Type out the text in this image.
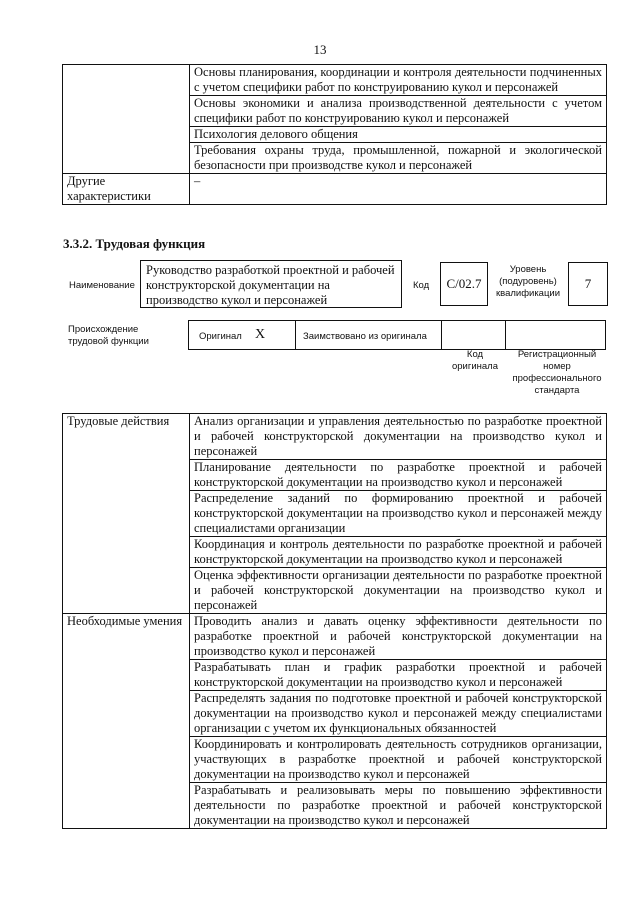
13
	Основы планирования, координации и контроля деятельности подчиненных с учетом специфики работ по конструированию кукол и персонажей
	Основы экономики и анализа производственной деятельности с учетом специфики работ по конструированию кукол и персонажей
	Психология делового общения
	Требования охраны труда, промышленной, пожарной и экологической безопасности при производстве кукол и персонажей
Другие характеристики	–
3.3.2. Трудовая функция
Наименование
Руководство разработкой проектной и рабочей конструкторской документации на производство кукол и персонажей
Код C/02.7
Уровень (подуровень) квалификации
7
Происхождение трудовой функции	Оригинал X	Заимствовано из оригинала
Код оригинала
Регистрационный номер профессионального стандарта
Трудовые действия	Анализ организации и управления деятельностью по разработке проектной и рабочей конструкторской документации на производство кукол и персонажей
	Планирование деятельности по разработке проектной и рабочей конструкторской документации на производство кукол и персонажей
	Распределение заданий по формированию проектной и рабочей конструкторской документации на производство кукол и персонажей между специалистами организации
	Координация и контроль деятельности по разработке проектной и рабочей конструкторской документации на производство кукол и персонажей
	Оценка эффективности организации деятельности по разработке проектной и рабочей конструкторской документации на производство кукол и персонажей
Необходимые умения	Проводить анализ и давать оценку эффективности деятельности по разработке проектной и рабочей конструкторской документации на производство кукол и персонажей
	Разрабатывать план и график разработки проектной и рабочей конструкторской документации на производство кукол и персонажей
	Распределять задания по подготовке проектной и рабочей конструкторской документации на производство кукол и персонажей между специалистами организации с учетом их функциональных обязанностей
	Координировать и контролировать деятельность сотрудников организации, участвующих в разработке проектной и рабочей конструкторской документации на производство кукол и персонажей
	Разрабатывать и реализовывать меры по повышению эффективности деятельности по разработке проектной и рабочей конструкторской документации на производство кукол и персонажей
